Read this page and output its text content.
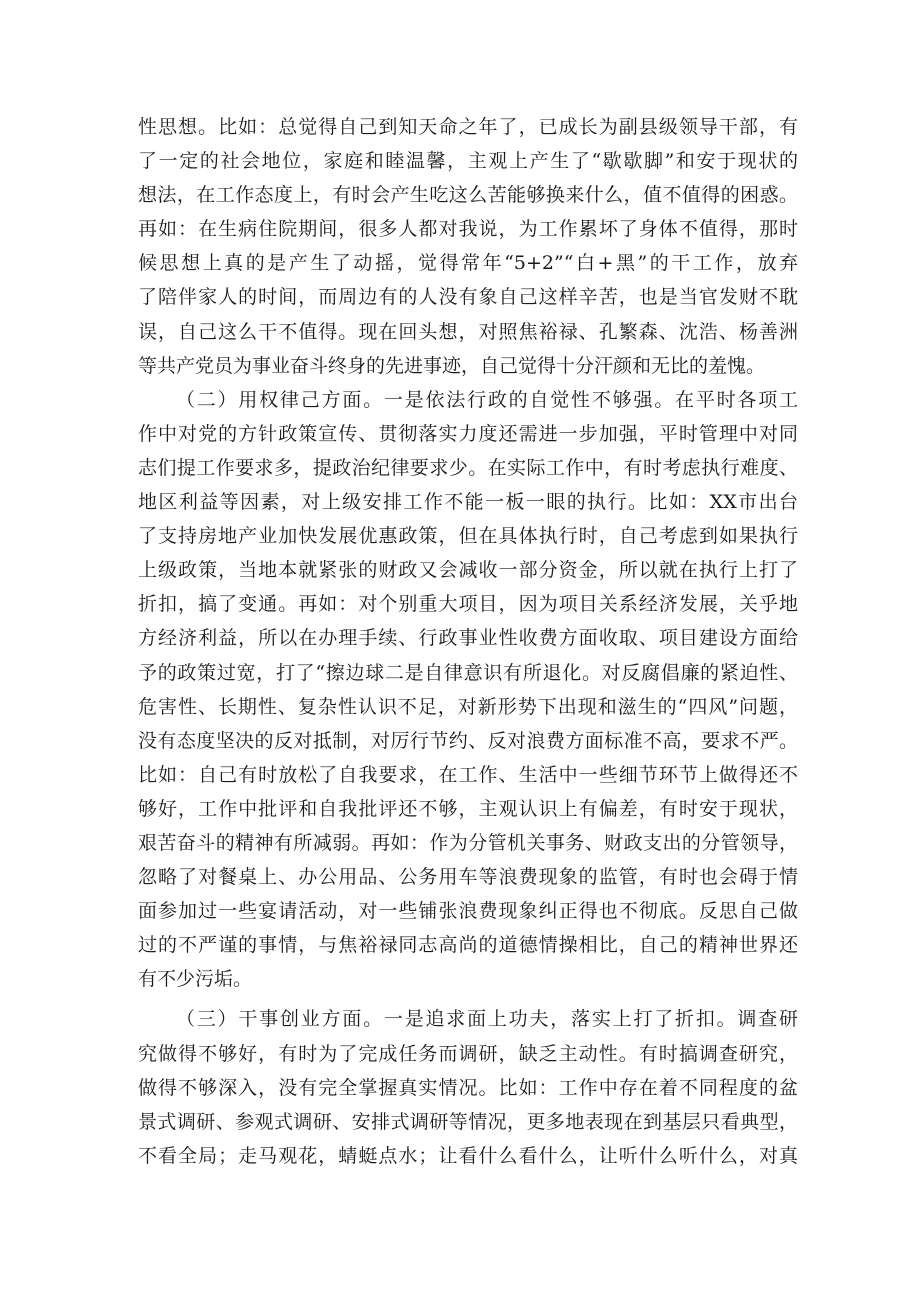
性思想。比如：总觉得自己到知天命之年了，已成长为副县级领导干部，有
了一定的社会地位，家庭和睦温馨，主观上产生了“歇歇脚”和安于现状的
想法，在工作态度上，有时会产生吃这么苦能够换来什么，值不值得的困惑。
再如：在生病住院期间，很多人都对我说，为工作累坏了身体不值得，那时
候思想上真的是产生了动摇，觉得常年“5+2”“白+黑”的干工作，放弃
了陪伴家人的时间，而周边有的人没有象自己这样辛苦，也是当官发财不耽
误，自己这么干不值得。现在回头想，对照焦裕禄、孔繁森、沈浩、杨善洲
等共产党员为事业奋斗终身的先进事迹，自己觉得十分汗颜和无比的羞愧。
（二）用权律己方面。一是依法行政的自觉性不够强。在平时各项工
作中对党的方针政策宣传、贯彻落实力度还需进一步加强，平时管理中对同
志们提工作要求多，提政治纪律要求少。在实际工作中，有时考虑执行难度、
地区利益等因素，对上级安排工作不能一板一眼的执行。比如：XX市出台
了支持房地产业加快发展优惠政策，但在具体执行时，自己考虑到如果执行
上级政策，当地本就紧张的财政又会减收一部分资金，所以就在执行上打了
折扣，搞了变通。再如：对个别重大项目，因为项目关系经济发展，关乎地
方经济利益，所以在办理手续、行政事业性收费方面收取、项目建设方面给
予的政策过宽，打了“擦边球二是自律意识有所退化。对反腐倡廉的紧迫性、
危害性、长期性、复杂性认识不足，对新形势下出现和滋生的“四风”问题，
没有态度坚决的反对抵制，对厉行节约、反对浪费方面标准不高，要求不严。
比如：自己有时放松了自我要求，在工作、生活中一些细节环节上做得还不
够好，工作中批评和自我批评还不够，主观认识上有偏差，有时安于现状，
艰苦奋斗的精神有所减弱。再如：作为分管机关事务、财政支出的分管领导，
忽略了对餐桌上、办公用品、公务用车等浪费现象的监管，有时也会碍于情
面参加过一些宴请活动，对一些铺张浪费现象纠正得也不彻底。反思自己做
过的不严谨的事情，与焦裕禄同志高尚的道德情操相比，自己的精神世界还
有不少污垢。
（三）干事创业方面。一是追求面上功夫，落实上打了折扣。调查研
究做得不够好，有时为了完成任务而调研，缺乏主动性。有时搞调查研究，
做得不够深入，没有完全掌握真实情况。比如：工作中存在着不同程度的盆
景式调研、参观式调研、安排式调研等情况，更多地表现在到基层只看典型，
不看全局；走马观花，蜻蜓点水；让看什么看什么，让听什么听什么，对真
